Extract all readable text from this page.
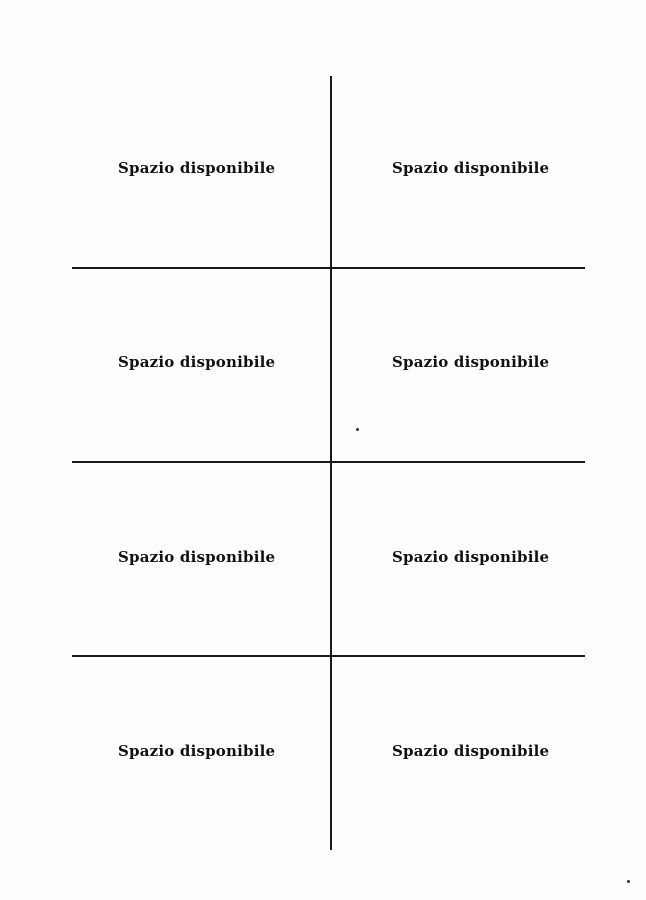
Spazio disponibile	Spazio disponibile
Spazio disponibile	Spazio disponibile
Spazio disponibile	Spazio disponibile
Spazio disponibile	Spazio disponibile
